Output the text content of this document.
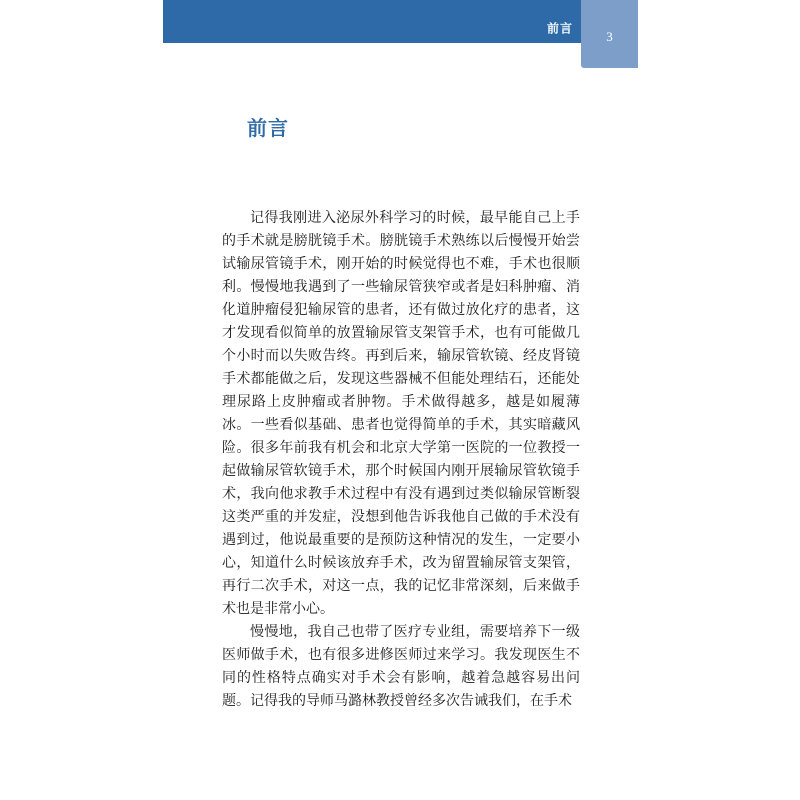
前言
3
前言

记得我刚进入泌尿外科学习的时候，最早能自己上手的手术就是膀胱镜手术。膀胱镜手术熟练以后慢慢开始尝试输尿管镜手术，刚开始的时候觉得也不难，手术也很顺利。慢慢地我遇到了一些输尿管狭窄或者是妇科肿瘤、消化道肿瘤侵犯输尿管的患者，还有做过放化疗的患者，这才发现看似简单的放置输尿管支架管手术，也有可能做几个小时而以失败告终。再到后来，输尿管软镜、经皮肾镜手术都能做之后，发现这些器械不但能处理结石，还能处理尿路上皮肿瘤或者肿物。手术做得越多，越是如履薄冰。一些看似基础、患者也觉得简单的手术，其实暗藏风险。很多年前我有机会和北京大学第一医院的一位教授一起做输尿管软镜手术，那个时候国内刚开展输尿管软镜手术，我向他求教手术过程中有没有遇到过类似输尿管断裂这类严重的并发症，没想到他告诉我他自己做的手术没有遇到过，他说最重要的是预防这种情况的发生，一定要小心，知道什么时候该放弃手术，改为留置输尿管支架管，再行二次手术，对这一点，我的记忆非常深刻，后来做手术也是非常小心。

慢慢地，我自己也带了医疗专业组，需要培养下一级医师做手术，也有很多进修医师过来学习。我发现医生不同的性格特点确实对手术会有影响，越着急越容易出问题。记得我的导师马潞林教授曾经多次告诫我们，在手术
